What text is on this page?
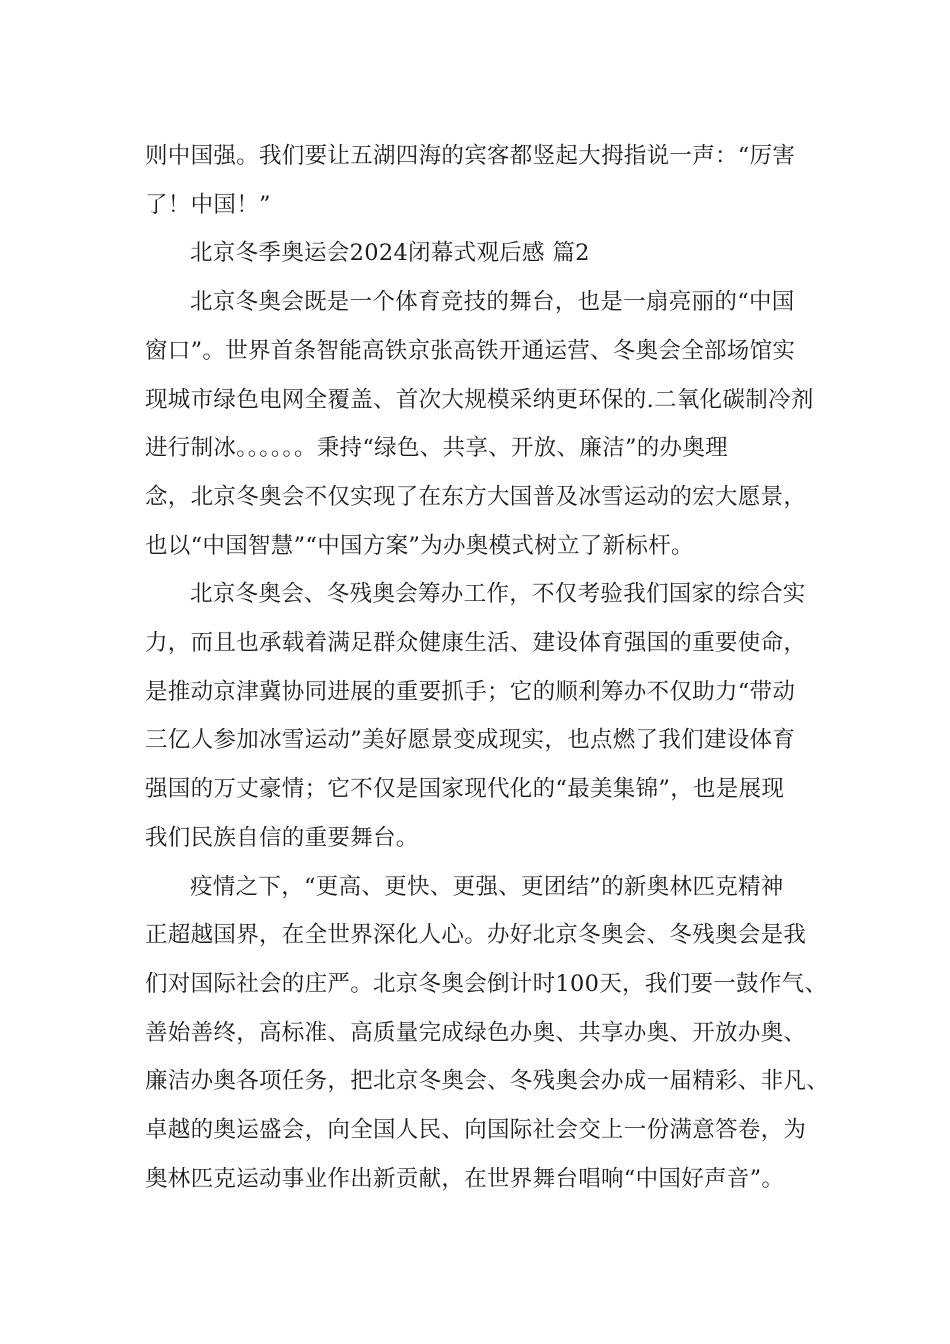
则中国强。我们要让五湖四海的宾客都竖起大拇指说一声：“厉害
了！中国！”
北京冬季奥运会2024闭幕式观后感 篇2
北京冬奥会既是一个体育竞技的舞台，也是一扇亮丽的“中国
窗口”。世界首条智能高铁京张高铁开通运营、冬奥会全部场馆实
现城市绿色电网全覆盖、首次大规模采纳更环保的.二氧化碳制冷剂
进行制冰。。。。。。秉持“绿色、共享、开放、廉洁”的办奥理
念，北京冬奥会不仅实现了在东方大国普及冰雪运动的宏大愿景，
也以“中国智慧”“中国方案”为办奥模式树立了新标杆。
北京冬奥会、冬残奥会筹办工作，不仅考验我们国家的综合实
力，而且也承载着满足群众健康生活、建设体育强国的重要使命，
是推动京津冀协同进展的重要抓手；它的顺利筹办不仅助力“带动
三亿人参加冰雪运动”美好愿景变成现实，也点燃了我们建设体育
强国的万丈豪情；它不仅是国家现代化的“最美集锦”，也是展现
我们民族自信的重要舞台。
疫情之下，“更高、更快、更强、更团结”的新奥林匹克精神
正超越国界，在全世界深化人心。办好北京冬奥会、冬残奥会是我
们对国际社会的庄严。北京冬奥会倒计时100天，我们要一鼓作气、
善始善终，高标准、高质量完成绿色办奥、共享办奥、开放办奥、
廉洁办奥各项任务，把北京冬奥会、冬残奥会办成一届精彩、非凡、
卓越的奥运盛会，向全国人民、向国际社会交上一份满意答卷，为
奥林匹克运动事业作出新贡献，在世界舞台唱响“中国好声音”。
